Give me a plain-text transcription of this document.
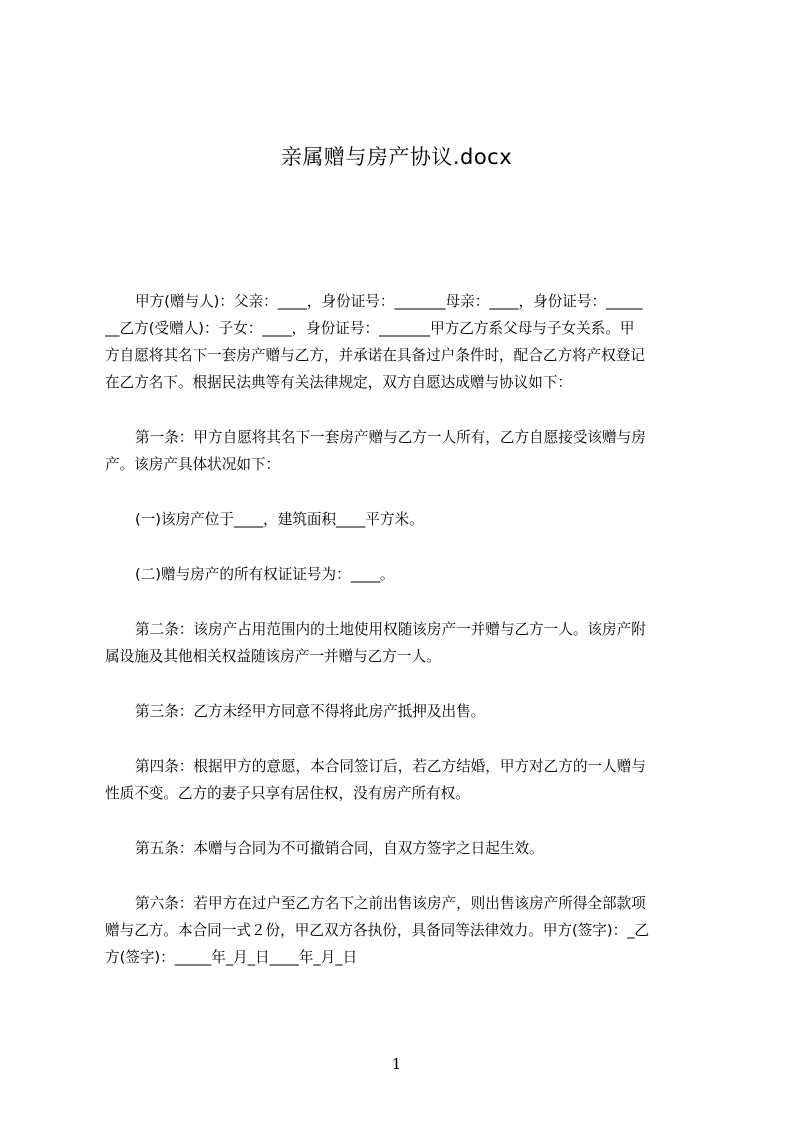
亲属赠与房产协议.docx
甲方(赠与人)：父亲：____，身份证号：_______母亲：____，身份证号：_____
__乙方(受赠人)：子女：____，身份证号：_______甲方乙方系父母与子女关系。甲
方自愿将其名下一套房产赠与乙方，并承诺在具备过户条件时，配合乙方将产权登记
在乙方名下。根据民法典等有关法律规定，双方自愿达成赠与协议如下：
第一条：甲方自愿将其名下一套房产赠与乙方一人所有，乙方自愿接受该赠与房
产。该房产具体状况如下：
(一)该房产位于____，建筑面积____平方米。
(二)赠与房产的所有权证证号为：____。
第二条：该房产占用范围内的土地使用权随该房产一并赠与乙方一人。该房产附
属设施及其他相关权益随该房产一并赠与乙方一人。
第三条：乙方未经甲方同意不得将此房产抵押及出售。
第四条：根据甲方的意愿，本合同签订后，若乙方结婚，甲方对乙方的一人赠与
性质不变。乙方的妻子只享有居住权，没有房产所有权。
第五条：本赠与合同为不可撤销合同，自双方签字之日起生效。
第六条：若甲方在过户至乙方名下之前出售该房产，则出售该房产所得全部款项
赠与乙方。本合同一式２份，甲乙双方各执份，具备同等法律效力。甲方(签字)：_乙
方(签字)：_____年_月_日____年_月_日
1
